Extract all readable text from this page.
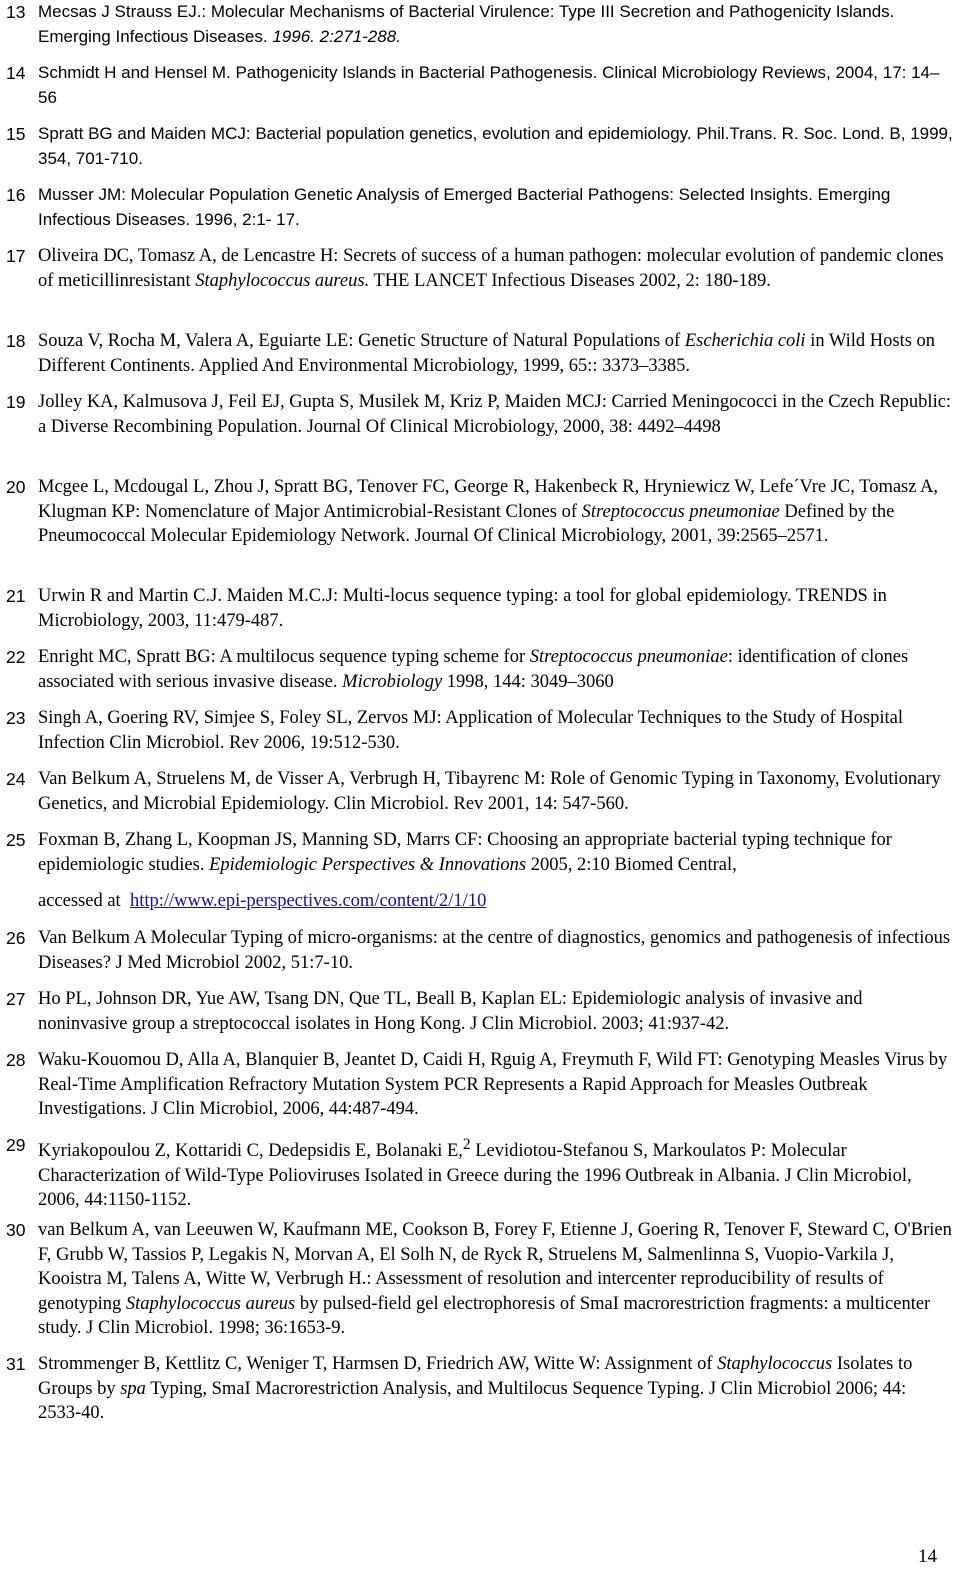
13 Mecsas J Strauss EJ.: Molecular Mechanisms of Bacterial Virulence: Type III Secretion and Pathogenicity Islands. Emerging Infectious Diseases. 1996. 2:271-288.
14 Schmidt H and Hensel M. Pathogenicity Islands in Bacterial Pathogenesis. Clinical Microbiology Reviews, 2004, 17: 14–56
15 Spratt BG and Maiden MCJ: Bacterial population genetics, evolution and epidemiology. Phil.Trans. R. Soc. Lond. B, 1999, 354, 701-710.
16 Musser JM: Molecular Population Genetic Analysis of Emerged Bacterial Pathogens: Selected Insights. Emerging Infectious Diseases. 1996, 2:1- 17.
17 Oliveira DC, Tomasz A, de Lencastre H: Secrets of success of a human pathogen: molecular evolution of pandemic clones of meticillinresistant Staphylococcus aureus. THE LANCET Infectious Diseases 2002, 2: 180-189.
18 Souza V, Rocha M, Valera A, Eguiarte LE: Genetic Structure of Natural Populations of Escherichia coli in Wild Hosts on Different Continents. Applied And Environmental Microbiology, 1999, 65:: 3373–3385.
19 Jolley KA, Kalmusova J, Feil EJ, Gupta S, Musilek M, Kriz P, Maiden MCJ: Carried Meningococci in the Czech Republic: a Diverse Recombining Population. Journal Of Clinical Microbiology, 2000, 38: 4492–4498
20 Mcgee L, Mcdougal L, Zhou J, Spratt BG, Tenover FC, George R, Hakenbeck R, Hryniewicz W, Lefe´Vre JC, Tomasz A, Klugman KP: Nomenclature of Major Antimicrobial-Resistant Clones of Streptococcus pneumoniae Defined by the Pneumococcal Molecular Epidemiology Network. Journal Of Clinical Microbiology, 2001, 39:2565–2571.
21 Urwin R and Martin C.J. Maiden M.C.J: Multi-locus sequence typing: a tool for global epidemiology. TRENDS in Microbiology, 2003, 11:479-487.
22 Enright MC, Spratt BG: A multilocus sequence typing scheme for Streptococcus pneumoniae: identification of clones associated with serious invasive disease. Microbiology 1998, 144: 3049–3060
23 Singh A, Goering RV, Simjee S, Foley SL, Zervos MJ: Application of Molecular Techniques to the Study of Hospital Infection Clin Microbiol. Rev 2006, 19:512-530.
24 Van Belkum A, Struelens M, de Visser A, Verbrugh H, Tibayrenc M: Role of Genomic Typing in Taxonomy, Evolutionary Genetics, and Microbial Epidemiology. Clin Microbiol. Rev 2001, 14: 547-560.
25 Foxman B, Zhang L, Koopman JS, Manning SD, Marrs CF: Choosing an appropriate bacterial typing technique for epidemiologic studies. Epidemiologic Perspectives & Innovations 2005, 2:10 Biomed Central,
accessed at  http://www.epi-perspectives.com/content/2/1/10
26 Van Belkum A Molecular Typing of micro-organisms: at the centre of diagnostics, genomics and pathogenesis of infectious Diseases? J Med Microbiol 2002, 51:7-10.
27 Ho PL, Johnson DR, Yue AW, Tsang DN, Que TL, Beall B, Kaplan EL: Epidemiologic analysis of invasive and noninvasive group a streptococcal isolates in Hong Kong. J Clin Microbiol. 2003; 41:937-42.
28 Waku-Kouomou D, Alla A, Blanquier B, Jeantet D, Caidi H, Rguig A, Freymuth F, Wild FT: Genotyping Measles Virus by Real-Time Amplification Refractory Mutation System PCR Represents a Rapid Approach for Measles Outbreak Investigations. J Clin Microbiol, 2006, 44:487-494.
29 Kyriakopoulou Z, Kottaridi C, Dedepsidis E, Bolanaki E,$^2$ Levidiotou-Stefanou S, Markoulatos P: Molecular Characterization of Wild-Type Polioviruses Isolated in Greece during the 1996 Outbreak in Albania. J Clin Microbiol, 2006, 44:1150-1152.
30 van Belkum A, van Leeuwen W, Kaufmann ME, Cookson B, Forey F, Etienne J, Goering R, Tenover F, Steward C, O'Brien F, Grubb W, Tassios P, Legakis N, Morvan A, El Solh N, de Ryck R, Struelens M, Salmenlinna S, Vuopio-Varkila J, Kooistra M, Talens A, Witte W, Verbrugh H.: Assessment of resolution and intercenter reproducibility of results of genotyping Staphylococcus aureus by pulsed-field gel electrophoresis of SmaI macrorestriction fragments: a multicenter study. J Clin Microbiol. 1998; 36:1653-9.
31 Strommenger B, Kettlitz C, Weniger T, Harmsen D, Friedrich AW, Witte W: Assignment of Staphylococcus Isolates to Groups by spa Typing, SmaI Macrorestriction Analysis, and Multilocus Sequence Typing. J Clin Microbiol 2006; 44: 2533-40.
14
